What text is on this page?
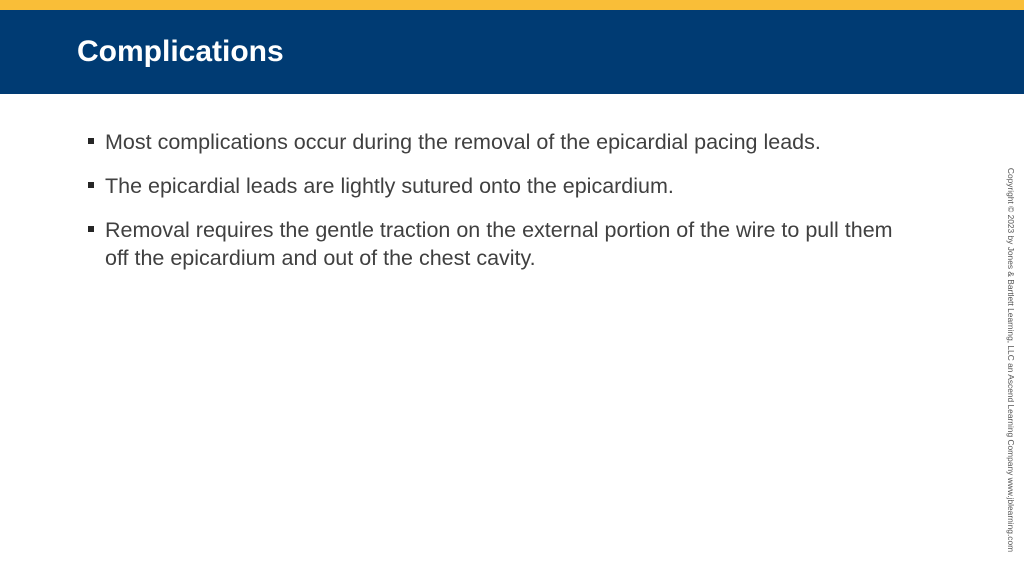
Complications
Most complications occur during the removal of the epicardial pacing leads.
The epicardial leads are lightly sutured onto the epicardium.
Removal requires the gentle traction on the external portion of the wire to pull them off the epicardium and out of the chest cavity.	Copyright © 2023 by Jones & Bartlett Learning, LLC an Ascend Learning Company www.jblearning.com
